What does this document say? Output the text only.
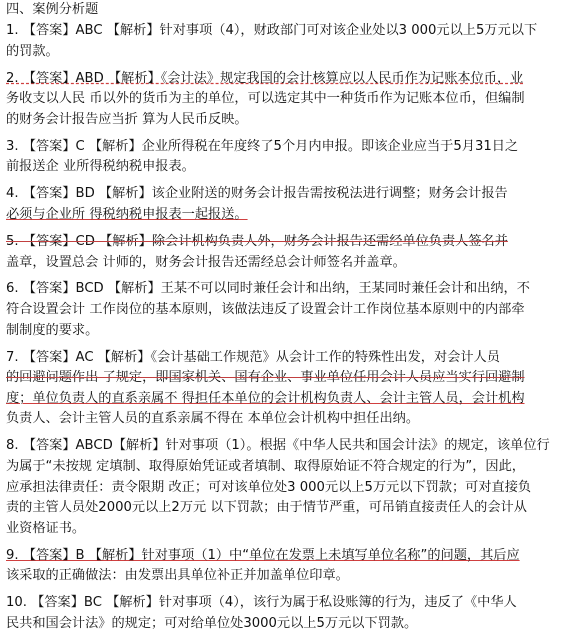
四、案例分析题
1. 【答案】ABC 【解析】针对事项（4），财政部门可对该企业处以3 000元以上5万元以下
的罚款。
2. 【答案】ABD 【解析】《会计法》规定我国的会计核算应以人民币作为记账本位币，业
务收支以人民 币以外的货币为主的单位，可以选定其中一种货币作为记账本位币，但编制
的财务会计报告应当折 算为人民币反映。
3. 【答案】C 【解析】企业所得税在年度终了5个月内申报。即该企业应当于5月31日之
前报送企 业所得税纳税申报表。
4. 【答案】BD 【解析】该企业附送的财务会计报告需按税法进行调整；财务会计报告
必须与企业所 得税纳税申报表一起报送。
5. 【答案】CD 【解析】除会计机构负责人外，财务会计报告还需经单位负责人签名并
盖章，设置总会 计师的，财务会计报告还需经总会计师签名并盖章。
6. 【答案】BCD 【解析】王某不可以同时兼任会计和出纳，王某同时兼任会计和出纳，不
符合设置会计 工作岗位的基本原则，该做法违反了设置会计工作岗位基本原则中的内部牵
制制度的要求。
7. 【答案】AC 【解析】《会计基础工作规范》从会计工作的特殊性出发，对会计人员
的回避问题作出 了规定，即国家机关、国有企业、事业单位任用会计人员应当实行回避制
度；单位负责人的直系亲属不 得担任本单位的会计机构负责人、会计主管人员，会计机构
负责人、会计主管人员的直系亲属不得在 本单位会计机构中担任出纳。
8. 【答案】ABCD【解析】针对事项（1）。根据《中华人民共和国会计法》的规定，该单位行
为属于“未按规 定填制、取得原始凭证或者填制、取得原始证不符合规定的行为”，因此，
应承担法律责任：责令限期 改正；可对该单位处3 000元以上5万元以下罚款；可对直接负
责的主管人员处2000元以上2万元 以下罚款；由于情节严重，可吊销直接责任人的会计从
业资格证书。
9. 【答案】B 【解析】针对事项（1）中“单位在发票上未填写单位名称”的问题，其后应
该采取的正确做法：由发票出具单位补正并加盖单位印章。
10. 【答案】BC 【解析】针对事项（4），该行为属于私设账簿的行为，违反了《中华人
民共和国会计法》的规定；可对给单位处3000元以上5万元以下罚款。
